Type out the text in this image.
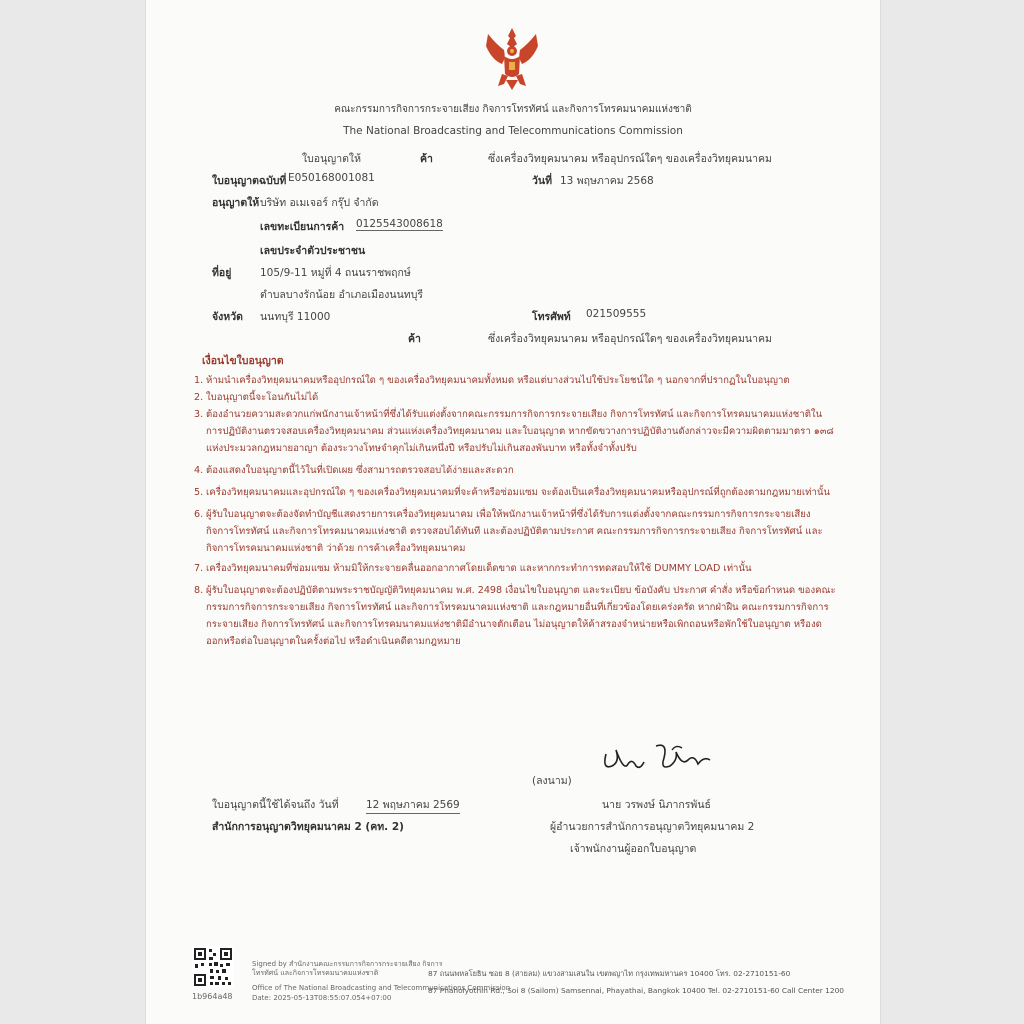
คณะกรรมการกิจการกระจายเสียง กิจการโทรทัศน์ และกิจการโทรคมนาคมแห่งชาติ
The National Broadcasting and Telecommunications Commission
ใบอนุญาตให้	ค้า	ซึ่งเครื่องวิทยุคมนาคม หรืออุปกรณ์ใดๆ ของเครื่องวิทยุคมนาคม
ใบอนุญาตฉบับที่ E050168001081	วันที่ 13 พฤษภาคม 2568
อนุญาตให้ บริษัท อเมเจอร์ กรุ๊ป จำกัด
เลขทะเบียนการค้า 0125543008618
เลขประจำตัวประชาชน
ที่อยู่	105/9-11 หมู่ที่ 4 ถนนราชพฤกษ์
ตำบลบางรักน้อย อำเภอเมืองนนทบุรี
จังหวัด นนทบุรี 11000	โทรศัพท์ 021509555
ค้า	ซึ่งเครื่องวิทยุคมนาคม หรืออุปกรณ์ใดๆ ของเครื่องวิทยุคมนาคม
เงื่อนไขใบอนุญาต
1. ห้ามนำเครื่องวิทยุคมนาคมหรืออุปกรณ์ใด ๆ ของเครื่องวิทยุคมนาคมทั้งหมด หรือแต่บางส่วนไปใช้ประโยชน์ใด ๆ นอกจากที่ปรากฏในใบอนุญาต
2. ใบอนุญาตนี้จะโอนกันไม่ได้
3. ต้องอำนวยความสะดวกแก่พนักงานเจ้าหน้าที่ซึ่งได้รับแต่งตั้งจากคณะกรรมการกิจการกระจายเสียง กิจการโทรทัศน์ และกิจการโทรคมนาคมแห่งชาติในการปฏิบัติงานตรวจสอบเครื่องวิทยุคมนาคม ส่วนแห่งเครื่องวิทยุคมนาคม และใบอนุญาต หากขัดขวางการปฏิบัติงานดังกล่าวจะมีความผิดตามมาตรา ๑๓๘ แห่งประมวลกฎหมายอาญา ต้องระวางโทษจำคุกไม่เกินหนึ่งปี หรือปรับไม่เกินสองพันบาท หรือทั้งจำทั้งปรับ
4. ต้องแสดงใบอนุญาตนี้ไว้ในที่เปิดเผย ซึ่งสามารถตรวจสอบได้ง่ายและสะดวก
5. เครื่องวิทยุคมนาคมและอุปกรณ์ใด ๆ ของเครื่องวิทยุคมนาคมที่จะค้าหรือซ่อมแซม จะต้องเป็นเครื่องวิทยุคมนาคมหรืออุปกรณ์ที่ถูกต้องตามกฎหมายเท่านั้น
6. ผู้รับใบอนุญาตจะต้องจัดทำบัญชีแสดงรายการเครื่องวิทยุคมนาคม เพื่อให้พนักงานเจ้าหน้าที่ซึ่งได้รับการแต่งตั้งจากคณะกรรมการกิจการกระจายเสียง กิจการโทรทัศน์ และกิจการโทรคมนาคมแห่งชาติ ตรวจสอบได้ทันที และต้องปฏิบัติตามประกาศ คณะกรรมการกิจการกระจายเสียง กิจการโทรทัศน์ และกิจการโทรคมนาคมแห่งชาติ ว่าด้วย การค้าเครื่องวิทยุคมนาคม
7. เครื่องวิทยุคมนาคมที่ซ่อมแซม ห้ามมิให้กระจายคลื่นออกอากาศโดยเด็ดขาด และหากกระทำการทดสอบให้ใช้ DUMMY LOAD เท่านั้น
8. ผู้รับใบอนุญาตจะต้องปฏิบัติตามพระราชบัญญัติวิทยุคมนาคม พ.ศ. 2498 เงื่อนไขใบอนุญาต และระเบียบ ข้อบังคับ ประกาศ คำสั่ง หรือข้อกำหนด ของคณะกรรมการกิจการกระจายเสียง กิจการโทรทัศน์ และกิจการโทรคมนาคมแห่งชาติ และกฎหมายอื่นที่เกี่ยวข้องโดยเคร่งครัด หากฝ่าฝืน คณะกรรมการกิจการกระจายเสียง กิจการโทรทัศน์ และกิจการโทรคมนาคมแห่งชาติมีอำนาจตักเตือน ไม่อนุญาตให้ค้าสรองจำหน่ายหรือเพิกถอนหรือพักใช้ใบอนุญาต หรืองดออกหรือต่อใบอนุญาตในครั้งต่อไป หรือดำเนินคดีตามกฎหมาย
(ลงนาม)
นาย วรพงษ์ นิภากรพันธ์
ผู้อำนวยการสำนักการอนุญาตวิทยุคมนาคม 2
เจ้าพนักงานผู้ออกใบอนุญาต
ใบอนุญาตนี้ใช้ได้จนถึง วันที่	12 พฤษภาคม 2569
สำนักการอนุญาตวิทยุคมนาคม 2 (คท. 2)
1b964a48
Signed by สำนักงานคณะกรรมการกิจการกระจายเสียง กิจการโทรทัศน์ และกิจการโทรคมนาคมแห่งชาติ
Office of The National Broadcasting and Telecommunications Commission
Date: 2025-05-13T08:55:07.054+07:00
87 ถนนพหลโยธิน ซอย 8 (สายลม) แขวงสามเสนใน เขตพญาไท กรุงเทพมหานคร 10400 โทร. 02-2710151-60
87 Phaholyothin Rd., Soi 8 (Sailom) Samsennai, Phayathai, Bangkok 10400 Tel. 02-2710151-60 Call Center 1200
